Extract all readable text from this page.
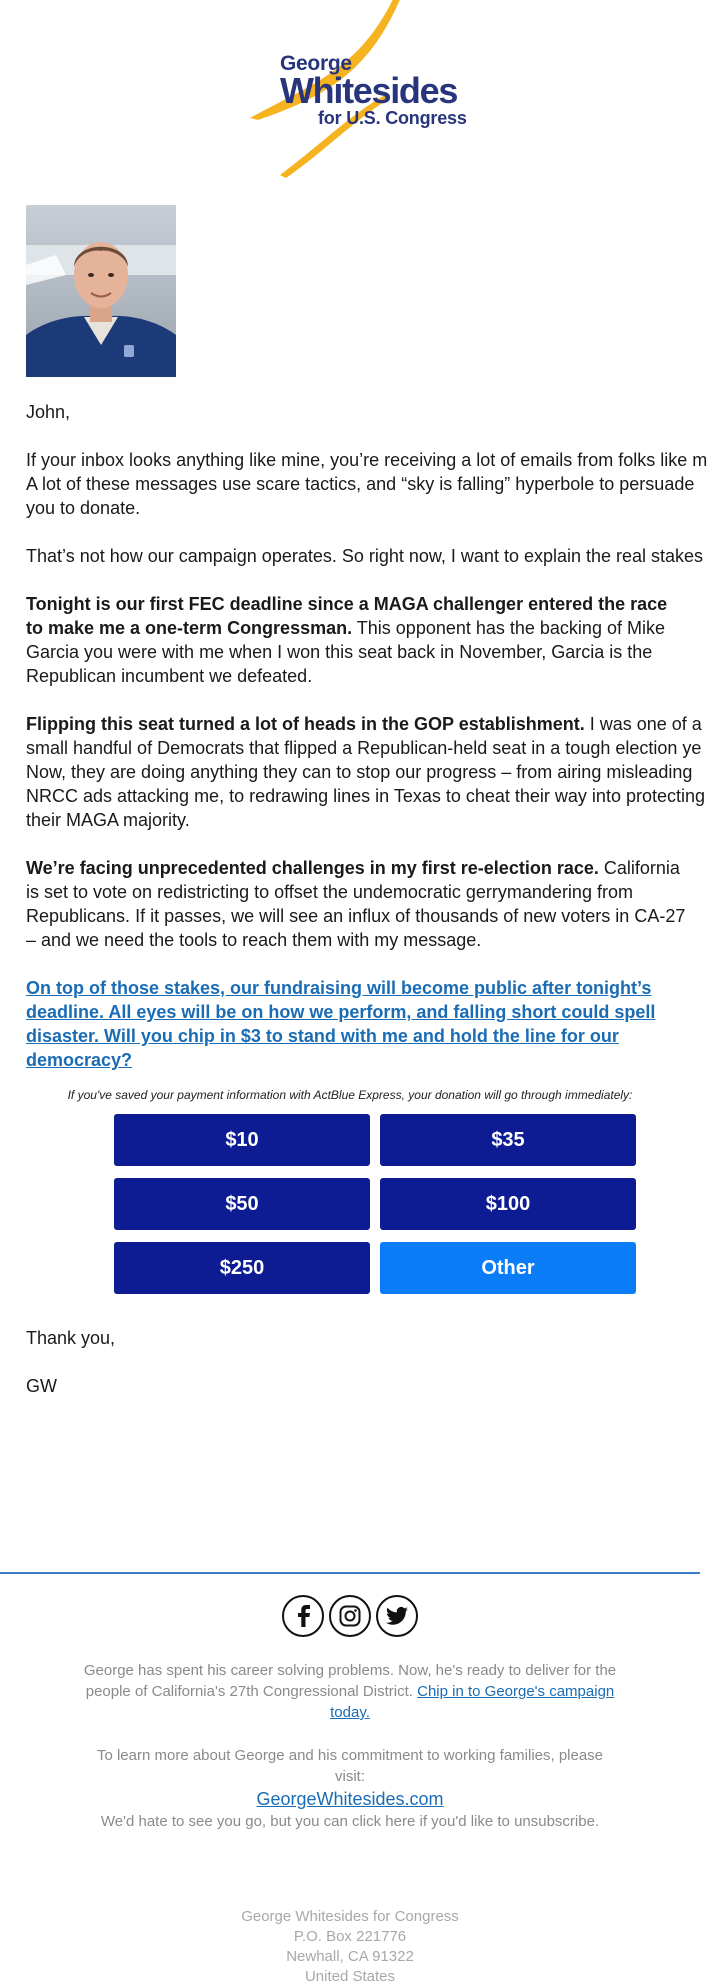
George
Whitesides
for U.S. Congress

John,

If your inbox looks anything like mine, you’re receiving a lot of emails from folks like m
A lot of these messages use scare tactics, and “sky is falling” hyperbole to persuade
you to donate.

That’s not how our campaign operates. So right now, I want to explain the real stakes

Tonight is our first FEC deadline since a MAGA challenger entered the race to make me a one-term Congressman. This opponent has the backing of Mike Garcia you were with me when I won this seat back in November, Garcia is the Republican incumbent we defeated.

Flipping this seat turned a lot of heads in the GOP establishment. I was one of a small handful of Democrats that flipped a Republican-held seat in a tough election ye Now, they are doing anything they can to stop our progress – from airing misleading NRCC ads attacking me, to redrawing lines in Texas to cheat their way into protecting their MAGA majority.

We’re facing unprecedented challenges in my first re-election race. California is set to vote on redistricting to offset the undemocratic gerrymandering from Republicans. If it passes, we will see an influx of thousands of new voters in CA-27 – and we need the tools to reach them with my message.

On top of those stakes, our fundraising will become public after tonight’s deadline. All eyes will be on how we perform, and falling short could spell disaster. Will you chip in $3 to stand with me and hold the line for our democracy?
If you've saved your payment information with ActBlue Express, your donation will go through immediately:
$10	$35
$50	$100
$250	Other

Thank you,

GW

George has spent his career solving problems. Now, he's ready to deliver for the people of California's 27th Congressional District. Chip in to George's campaign today.
To learn more about George and his commitment to working families, please visit:
GeorgeWhitesides.com
We'd hate to see you go, but you can click here if you'd like to unsubscribe.
George Whitesides for Congress
P.O. Box 221776
Newhall, CA 91322
United States
